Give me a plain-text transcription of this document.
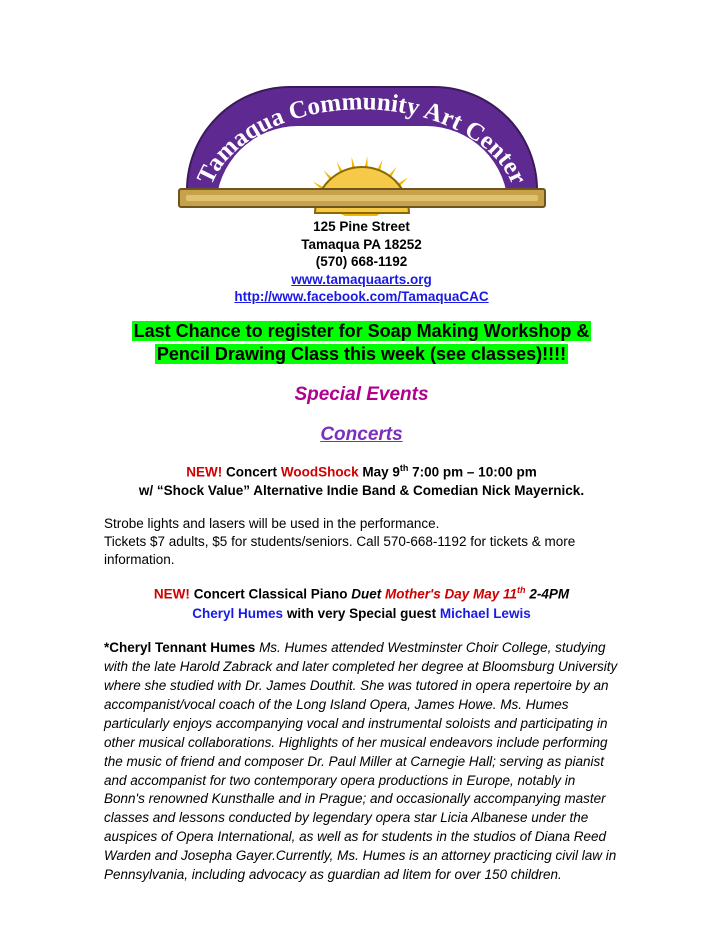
Tamaqua Community Art Center
125 Pine Street
Tamaqua PA 18252
(570) 668-1192
www.tamaquaarts.org
http://www.facebook.com/TamaquaCAC
Last Chance to register for Soap Making Workshop &
Pencil Drawing Class this week (see classes)!!!!
Special Events
Concerts
NEW! Concert WoodShock May 9th 7:00 pm – 10:00 pm
w/ “Shock Value” Alternative Indie Band & Comedian Nick Mayernick.
Strobe lights and lasers will be used in the performance.
Tickets $7 adults, $5 for students/seniors. Call 570-668-1192 for tickets & more information.
NEW! Concert Classical Piano Duet Mother's Day May 11th 2-4PM
Cheryl Humes with very Special guest Michael Lewis
*Cheryl Tennant Humes Ms. Humes attended Westminster Choir College, studying with the late Harold Zabrack and later completed her degree at Bloomsburg University where she studied with Dr. James Douthit. She was tutored in opera repertoire by an accompanist/vocal coach of the Long Island Opera, James Howe. Ms. Humes particularly enjoys accompanying vocal and instrumental soloists and participating in other musical collaborations. Highlights of her musical endeavors include performing the music of friend and composer Dr. Paul Miller at Carnegie Hall; serving as pianist and accompanist for two contemporary opera productions in Europe, notably in Bonn's renowned Kunsthalle and in Prague; and occasionally accompanying master classes and lessons conducted by legendary opera star Licia Albanese under the auspices of Opera International, as well as for students in the studios of Diana Reed Warden and Josepha Gayer.Currently, Ms. Humes is an attorney practicing civil law in Pennsylvania, including advocacy as guardian ad litem for over 150 children.
